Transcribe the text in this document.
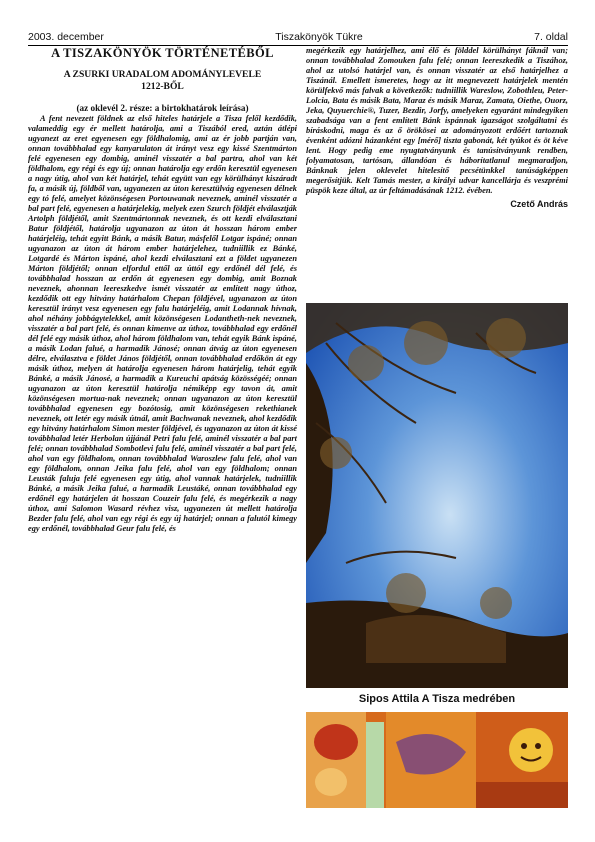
2003. december	Tiszakönyök Tükre	7. oldal
A TISZAKÖNYÖK TÖRTÉNETÉBŐL
A ZSURKI URADALOM ADOMÁNYLEVELE
1212-BŐL
(az oklevél 2. része: a birtokhatárok leírása)

A fent nevezett földnek az első hiteles határjele a Tisza felől kezdődik, valameddig egy ér mellett határolja, ami a Tiszából ered, aztán átlépi ugyanezt az eret egyenesen egy földhalomig, ami az ér jobb partján van, onnan továbbhalad egy kanyarulaton át irányt vesz egy kissé Szentmárton felé egyenesen egy dombig, aminél visszatér a bal partra, ahol van két földhalom, egy régi és egy új; onnan határolja egy erdőn keresztül egyenesen a nagy útig, ahol van két határjel, tehát együtt van egy körülhányt kiszáradt fa, a másik új, földből van, ugyanezen az úton keresztülvág egyenesen délnek egy tó felé, amelyet közönségesen Portouwanak neveznek, aminél visszatér a bal part felé, egyenesen a határjelekig, melyek ezen Szurch földjét elválasztják Artolph földjétől, amit Szentmártonnak neveznek, és ott kezdi elválasztani Batur földjétől, határolja ugyanazon az úton át hosszan három ember határjeléig, tehát egyitt Bánk, a másik Batur, másfelől Lotgar ispáné; onnan ugyanazon az úton át három ember határjelehez, tudniillik ez Bánké, Lotgardé és Márton ispáné, ahol kezdi elválasztani ezt a földet ugyanezen Márton földjétől; onnan elfordul ettől az úttól egy erdőnél dél felé, és továbbhalad hosszan az erdőn át egyenesen egy dombig, amit Boznak neveznek, ahonnan leereszkedve ismét visszatér az említett nagy úthoz, kezdődik ott egy hitvány határhalom Chepan földjével, ugyanazon az úton keresztül irányt vesz egyenesen egy falu határjeléig, amit Lodannak hívnak, ahol néhány jobbágytelekkel, amit közönségesen Lodantheth-nek neveznek, visszatér a bal part felé, és onnan kimenve az úthoz, továbbhalad egy erdőnél dél felé egy másik úthoz, ahol három földhalom van, tehát egyik Bánk ispáné, a másik Lodan falué, a harmadik Jánosé; onnan átvág az úton egyenesen délre, elválasztva e földet János földjétől, onnan továbbhalad erdőkön át egy másik úthoz, melyen át határolja egyenesen három határjelig, tehát egyik Bánké, a másik Jánosé, a harmadik a Kureuchi apátság közösségéé; onnan ugyanazon az úton keresztül határolja némiképp egy tavon át, amit közönségesen mortua-nak neveznek; onnan ugyanazon az úton keresztül továbbhalad egyenesen egy bozótosig, amit közönségesen rekethianek neveznek, ott letér egy másik útnál, amit Bachwanak neveznek, ahol kezdődik egy hitvány határhalom Simon mester földjével, és ugyanazon az úton át kissé továbbhalad letér Herbolan újjánál Petri falu felé, aminél visszatér a bal part felé; onnan továbbhalad Sombotlevi falu felé, aminél visszatér a bal part felé, ahol van egy földhalom, onnan továbbhalad Waroszlew falu felé, ahol van egy földhalom, onnan Jeika falu felé, ahol van egy földhalom; onnan Leusták faluja felé egyenesen egy útig, ahol vannak határjelek, tudniillik Bánké, a másik Jeika falué, a harmadik Leustáké, onnan továbbhalad egy erdőnél egy határjelen át hosszan Couzeir falu felé, és megérkezik a nagy úthoz, ami Salomon Wasard révhez visz, ugyanezen út mellett határolja Bezder falu felé, ahol van egy régi és egy új határjel; onnan a falutól kimegy egy erdőnél, továbbhalad Geur falu felé, és

megérkezik egy határjelhez, ami élő és földdel körülhányt fáknál van; onnan továbbhalad Zomouken falu felé; onnan leereszkedik a Tiszához, ahol az utolsó határjel van, és onnan visszatér az első határjelhez a Tiszánál. Emellett ismeretes, hogy az itt megnevezett határjelek mentén körülfekvő más falvak a következők: tudniillik Wareslow, Zobothleu, Peter-Lolcia, Bata és másik Bata, Maraz és másik Maraz, Zamata, Oiethe, Ouorz, Jeka, Quyuerchie®, Tuzer, Bezdir, Jorfy, amelyeken egyaránt mindegyiken szabadsága van a fent említett Bánk ispánnak igazságot szolgáltatni és bíráskodni, maga és az ő örökösei az adományozott erdőért tartoznak évenként adózni házanként egy [mérő] tiszta gabonát, két tyúkot és öt kéve lent. Hogy pedig eme nyugtatványunk és tanúsítványunk rendben, folyamatosan, tartósan, állandóan és háborítatlanul megmaradjon, Bánknak jelen oklevelet hitelesítő pecsétünkkel tanúságképpen megerősítjük. Kelt Tamás mester, a királyi udvar kancellárja és veszprémi püspök keze által, az úr feltámadásának 1212. évében.

Czető András
Sipos Attila A Tisza medrében
